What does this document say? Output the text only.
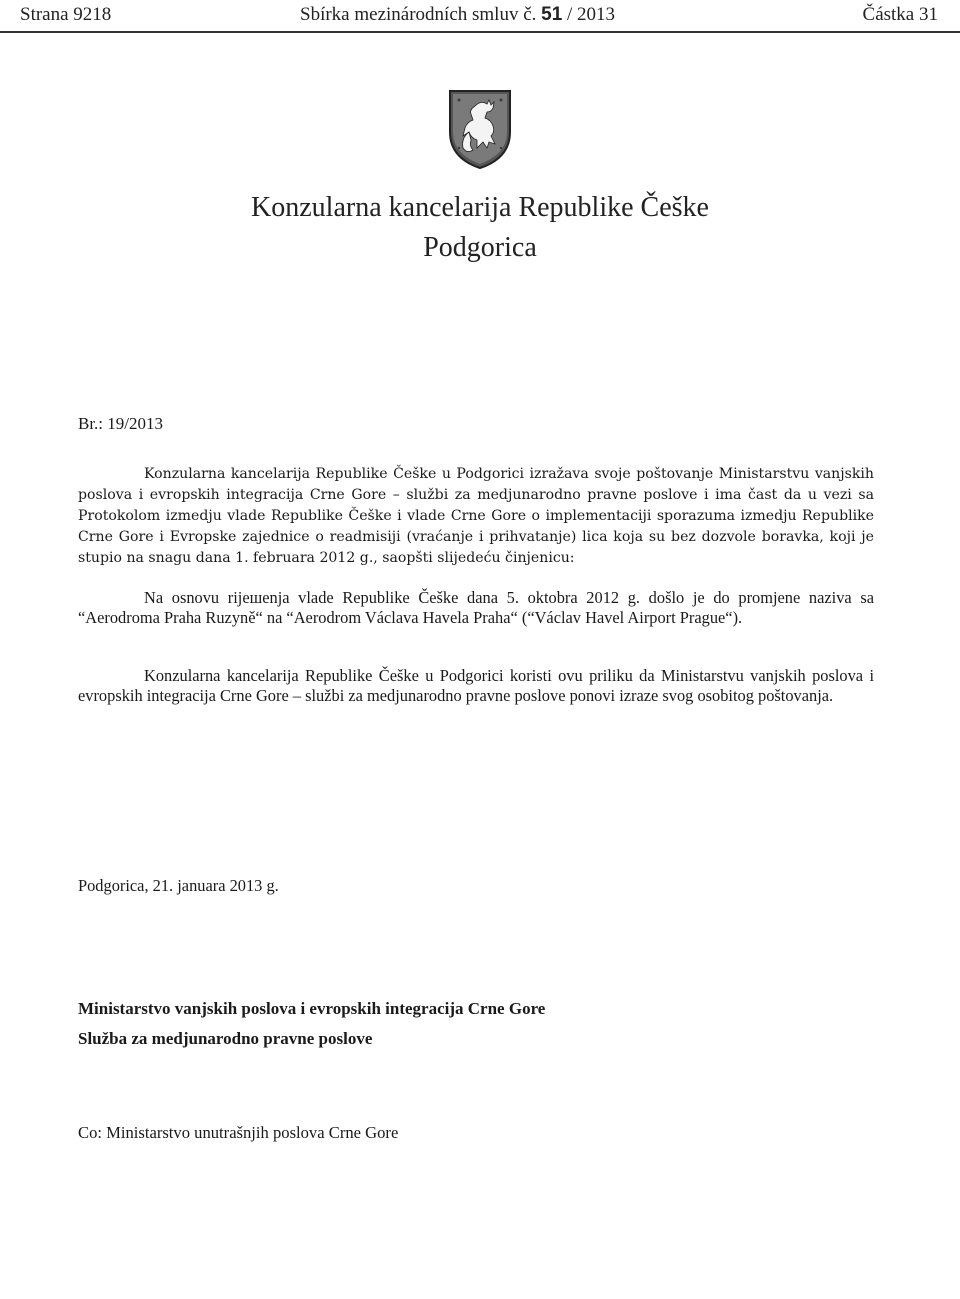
Strana 9218	Sbírka mezinárodních smluv č. 51 / 2013	Částka 31
Konzularna kancelarija Republike Češke
Podgorica
Br.: 19/2013
Konzularna kancelarija Republike Češke u Podgorici izražava svoje poštovanje Ministarstvu vanjskih poslova i evropskih integracija Crne Gore – službi za medjunarodno pravne poslove i ima čast da u vezi sa Protokolom izmedju vlade Republike Češke i vlade Crne Gore o implementaciji sporazuma izmedju Republike Crne Gore i Evropske zajednice o readmisiji (vraćanje i prihvatanje) lica koja su bez dozvole boravka, koji je stupio na snagu dana 1. februara 2012 g., saopšti slijedeću činjenicu:
Na osnovu rijешenja vlade Republike Češke dana 5. oktobra 2012 g. došlo je do promjene naziva sa “Aerodroma Praha Ruzyně“ na “Aerodrom Václava Havela Praha“ (“Václav Havel Airport Prague“).
Konzularna kancelarija Republike Češke u Podgorici koristi ovu priliku da Ministarstvu vanjskih poslova i evropskih integracija Crne Gore – službi za medjunarodno pravne poslove ponovi izraze svog osobitog poštovanja.
Podgorica, 21. januara 2013 g.
Ministarstvo vanjskih poslova i evropskih integracija Crne Gore
Služba za medjunarodno pravne poslove
Co: Ministarstvo unutrašnjih poslova Crne Gore
